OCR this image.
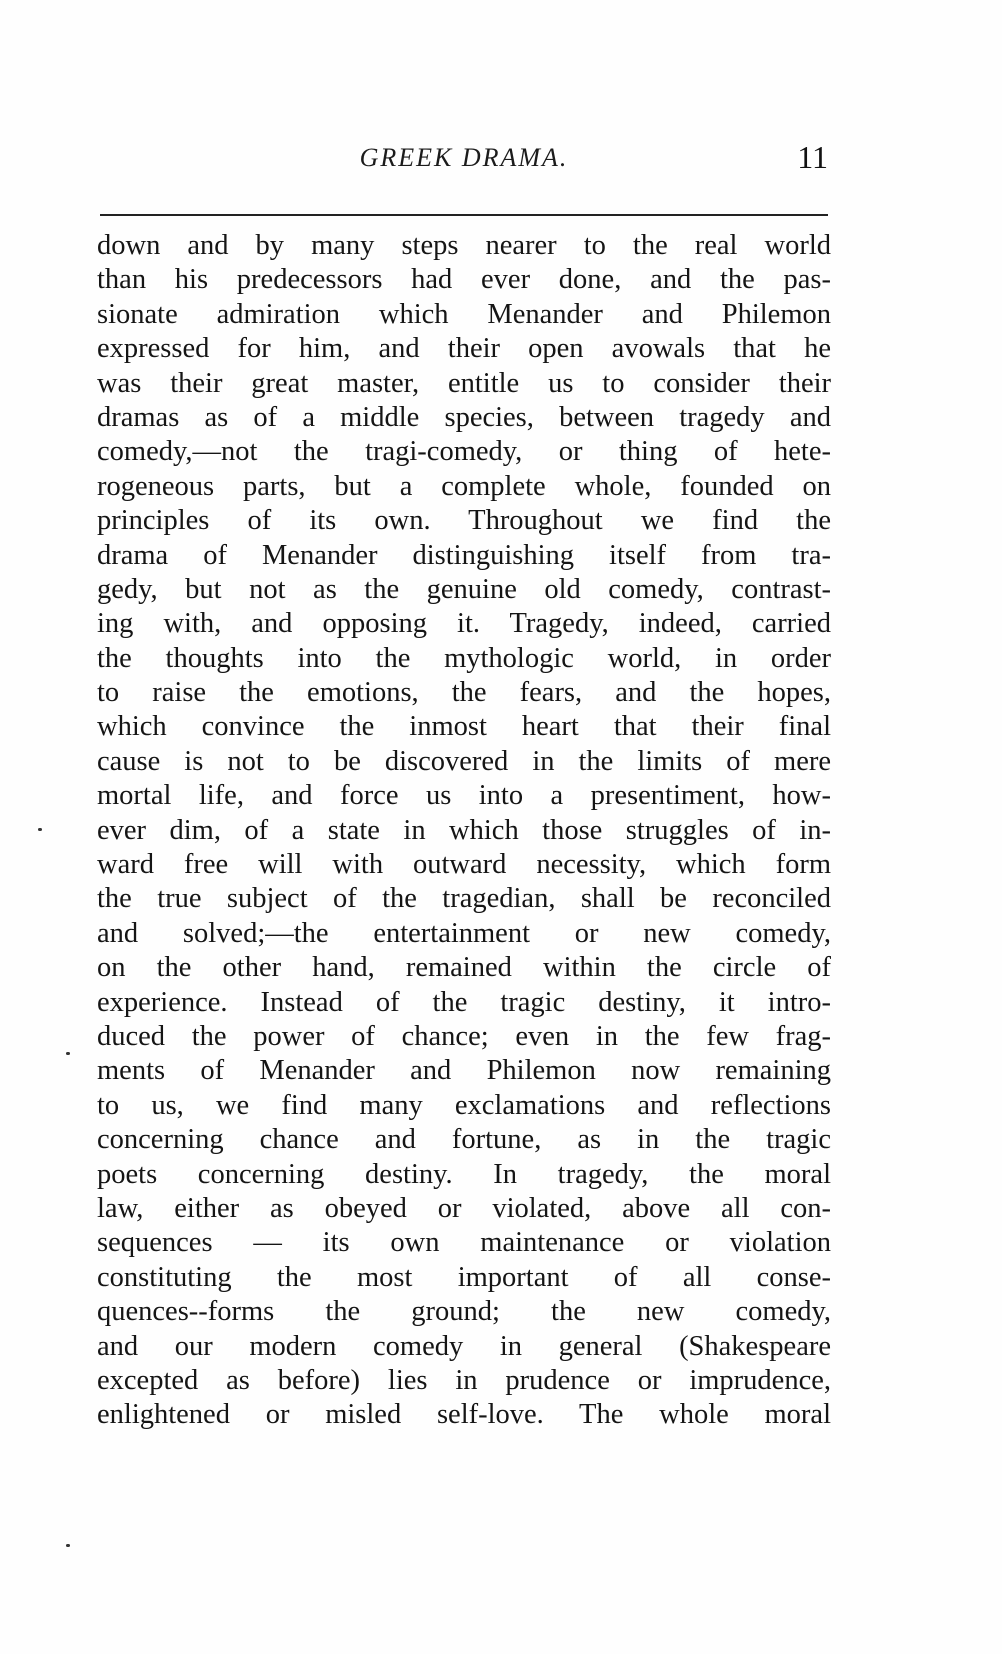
GREEK DRAMA.	11
down and by many steps nearer to the real world
than his predecessors had ever done, and the pas-
sionate admiration which Menander and Philemon
expressed for him, and their open avowals that he
was their great master, entitle us to consider their
dramas as of a middle species, between tragedy and
comedy,—not the tragi-comedy, or thing of hete-
rogeneous parts, but a complete whole, founded on
principles of its own. Throughout we find the
drama of Menander distinguishing itself from tra-
gedy, but not as the genuine old comedy, contrast-
ing with, and opposing it. Tragedy, indeed, carried
the thoughts into the mythologic world, in order
to raise the emotions, the fears, and the hopes,
which convince the inmost heart that their final
cause is not to be discovered in the limits of mere
mortal life, and force us into a presentiment, how-
ever dim, of a state in which those struggles of in-
ward free will with outward necessity, which form
the true subject of the tragedian, shall be reconciled
and solved;—the entertainment or new comedy,
on the other hand, remained within the circle of
experience. Instead of the tragic destiny, it intro-
duced the power of chance; even in the few frag-
ments of Menander and Philemon now remaining
to us, we find many exclamations and reflections
concerning chance and fortune, as in the tragic
poets concerning destiny. In tragedy, the moral
law, either as obeyed or violated, above all con-
sequences — its own maintenance or violation
constituting the most important of all conse-
quences--forms the ground; the new comedy,
and our modern comedy in general (Shakespeare
excepted as before) lies in prudence or imprudence,
enlightened or misled self-love. The whole moral
